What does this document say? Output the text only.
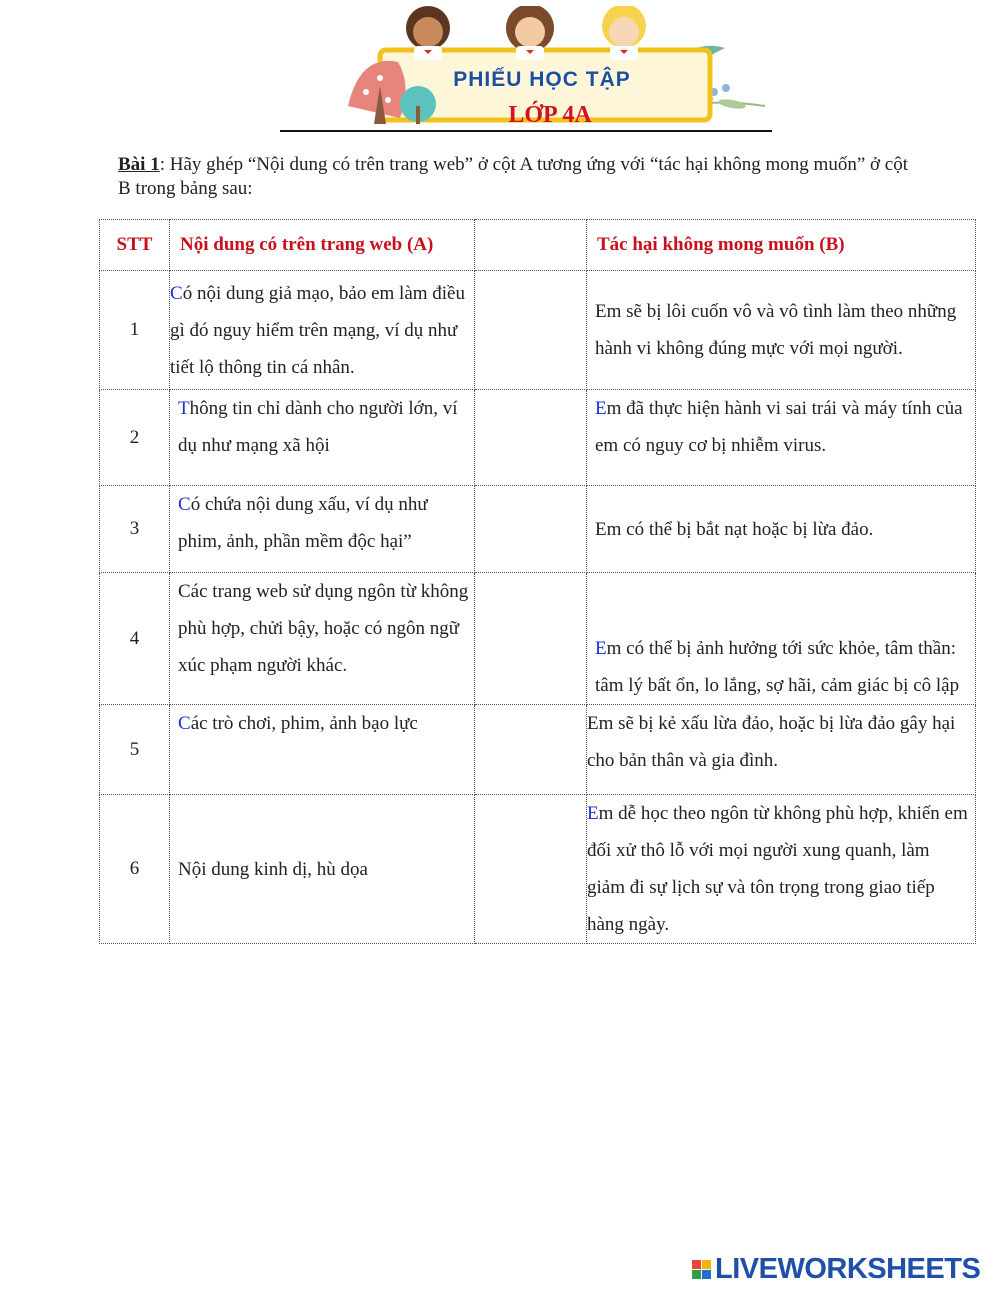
PHIẾU HỌC TẬP
LỚP 4A
Bài 1: Hãy ghép “Nội dung có trên trang web” ở cột A tương ứng với “tác hại không mong muốn” ở cột B trong bảng sau:
STT	Nội dung có trên trang web (A)		Tác hại không mong muốn (B)

1	Có nội dung giả mạo, bảo em làm điều gì đó nguy hiểm trên mạng, ví dụ như tiết lộ thông tin cá nhân.		Em sẽ bị lôi cuốn vô và vô tình làm theo những hành vi không đúng mực với mọi người.

2	Thông tin chỉ dành cho người lớn, ví dụ như mạng xã hội		Em đã thực hiện hành vi sai trái và máy tính của em có nguy cơ bị nhiễm virus.

3	Có chứa nội dung xấu, ví dụ như phim, ảnh, phần mềm độc hại”		Em có thể bị bắt nạt hoặc bị lừa đảo.

4	Các trang web sử dụng ngôn từ không phù hợp, chửi bậy, hoặc có ngôn ngữ xúc phạm người khác.		Em có thể bị ảnh hưởng tới sức khỏe, tâm thần: tâm lý bất ổn, lo lắng, sợ hãi, cảm giác bị cô lập

5	Các trò chơi, phim, ảnh bạo lực		Em sẽ bị kẻ xấu lừa đảo, hoặc bị lừa đảo gây hại cho bản thân và gia đình.

6	Nội dung kinh dị, hù dọa		Em dễ học theo ngôn từ không phù hợp, khiến em đối xử thô lỗ với mọi người xung quanh, làm giảm đi sự lịch sự và tôn trọng trong giao tiếp hàng ngày.
LIVEWORKSHEETS
